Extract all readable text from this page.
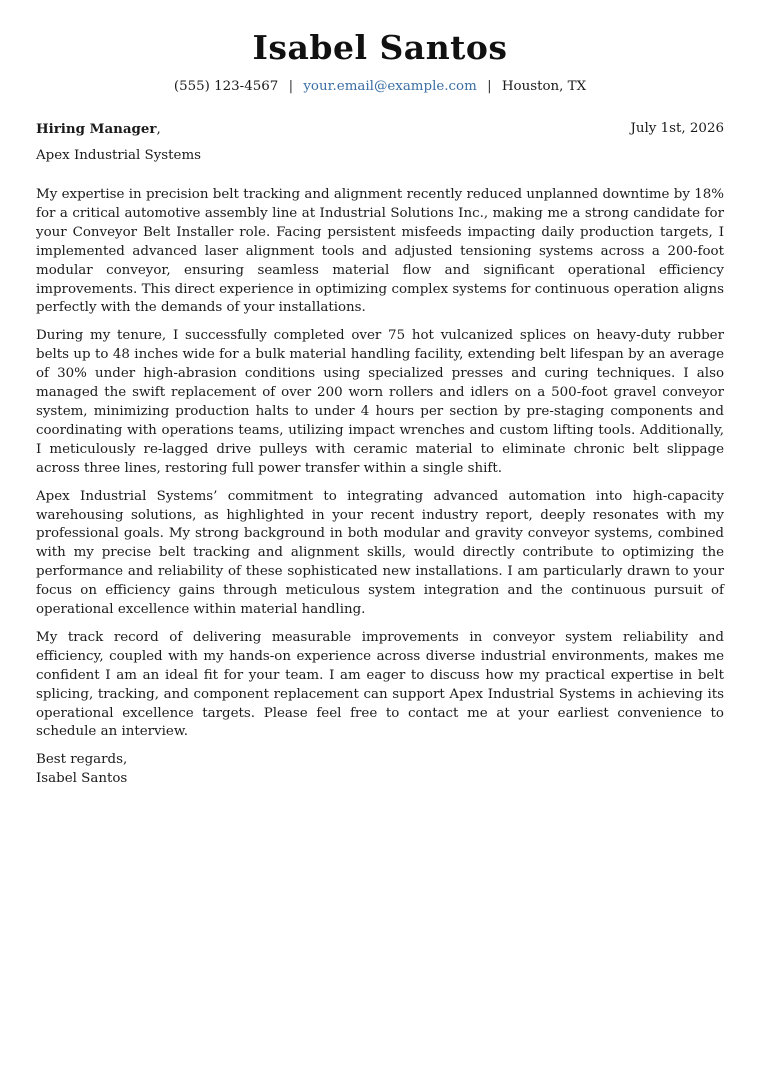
Isabel Santos
(555) 123-4567 | your.email@example.com | Houston, TX
Hiring Manager,	July 1st, 2026
Apex Industrial Systems

My expertise in precision belt tracking and alignment recently reduced unplanned downtime by 18% for a critical automotive assembly line at Industrial Solutions Inc., making me a strong candidate for your Conveyor Belt Installer role. Facing persistent misfeeds impacting daily production targets, I implemented advanced laser alignment tools and adjusted tensioning systems across a 200-foot modular conveyor, ensuring seamless material flow and significant operational efficiency improvements. This direct experience in optimizing complex systems for continuous operation aligns perfectly with the demands of your installations.

During my tenure, I successfully completed over 75 hot vulcanized splices on heavy-duty rubber belts up to 48 inches wide for a bulk material handling facility, extending belt lifespan by an average of 30% under high-abrasion conditions using specialized presses and curing techniques. I also managed the swift replacement of over 200 worn rollers and idlers on a 500-foot gravel conveyor system, minimizing production halts to under 4 hours per section by pre-staging components and coordinating with operations teams, utilizing impact wrenches and custom lifting tools. Additionally, I meticulously re-lagged drive pulleys with ceramic material to eliminate chronic belt slippage across three lines, restoring full power transfer within a single shift.

Apex Industrial Systems’ commitment to integrating advanced automation into high-capacity warehousing solutions, as highlighted in your recent industry report, deeply resonates with my professional goals. My strong background in both modular and gravity conveyor systems, combined with my precise belt tracking and alignment skills, would directly contribute to optimizing the performance and reliability of these sophisticated new installations. I am particularly drawn to your focus on efficiency gains through meticulous system integration and the continuous pursuit of operational excellence within material handling.

My track record of delivering measurable improvements in conveyor system reliability and efficiency, coupled with my hands-on experience across diverse industrial environments, makes me confident I am an ideal fit for your team. I am eager to discuss how my practical expertise in belt splicing, tracking, and component replacement can support Apex Industrial Systems in achieving its operational excellence targets. Please feel free to contact me at your earliest convenience to schedule an interview.

Best regards,
Isabel Santos
